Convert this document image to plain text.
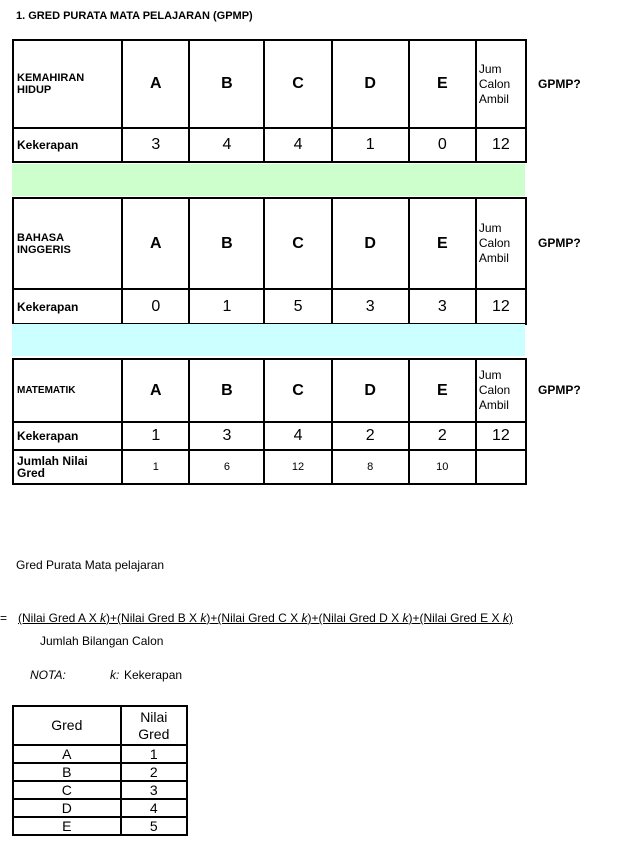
1. GRED PURATA MATA PELAJARAN (GPMP)
KEMAHIRAN
HIDUP	A	B	C	D	E	Jum
Calon
Ambil
Kekerapan	3	4	4	1	0	12
GPMP?
BAHASA
INGGERIS	A	B	C	D	E	Jum
Calon
Ambil
Kekerapan	0	1	5	3	3	12
GPMP?
MATEMATIK	A	B	C	D	E	Jum
Calon
Ambil
Kekerapan	1	3	4	2	2	12
Jumlah Nilai
Gred	1	6	12	8	10	
GPMP?
Gred Purata Mata pelajaran
= (Nilai Gred A X k)+(Nilai Gred B X k)+(Nilai Gred C X k)+(Nilai Gred D X k)+(Nilai Gred E X k)
Jumlah Bilangan Calon
NOTA:	k: Kekerapan
Gred	Nilai
Gred
A	1
B	2
C	3
D	4
E	5
